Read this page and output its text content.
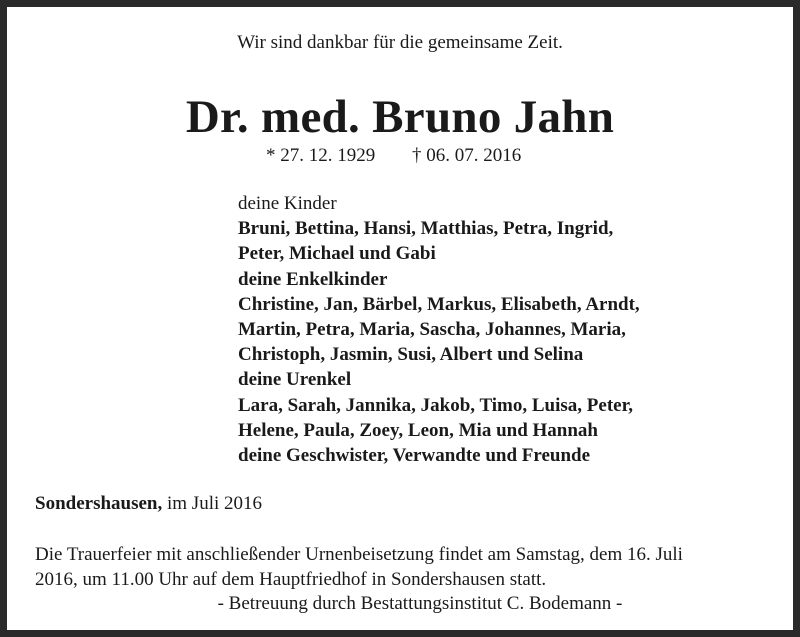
Wir sind dankbar für die gemeinsame Zeit.
Dr. med. Bruno Jahn
* 27. 12. 1929 † 06. 07. 2016
deine Kinder
Bruni, Bettina, Hansi, Matthias, Petra, Ingrid,
Peter, Michael und Gabi
deine Enkelkinder
Christine, Jan, Bärbel, Markus, Elisabeth, Arndt,
Martin, Petra, Maria, Sascha, Johannes, Maria,
Christoph, Jasmin, Susi, Albert und Selina
deine Urenkel
Lara, Sarah, Jannika, Jakob, Timo, Luisa, Peter,
Helene, Paula, Zoey, Leon, Mia und Hannah
deine Geschwister, Verwandte und Freunde
Sondershausen, im Juli 2016
Die Trauerfeier mit anschließender Urnenbeisetzung findet am Samstag, dem 16. Juli
2016, um 11.00 Uhr auf dem Hauptfriedhof in Sondershausen statt.
- Betreuung durch Bestattungsinstitut C. Bodemann -
